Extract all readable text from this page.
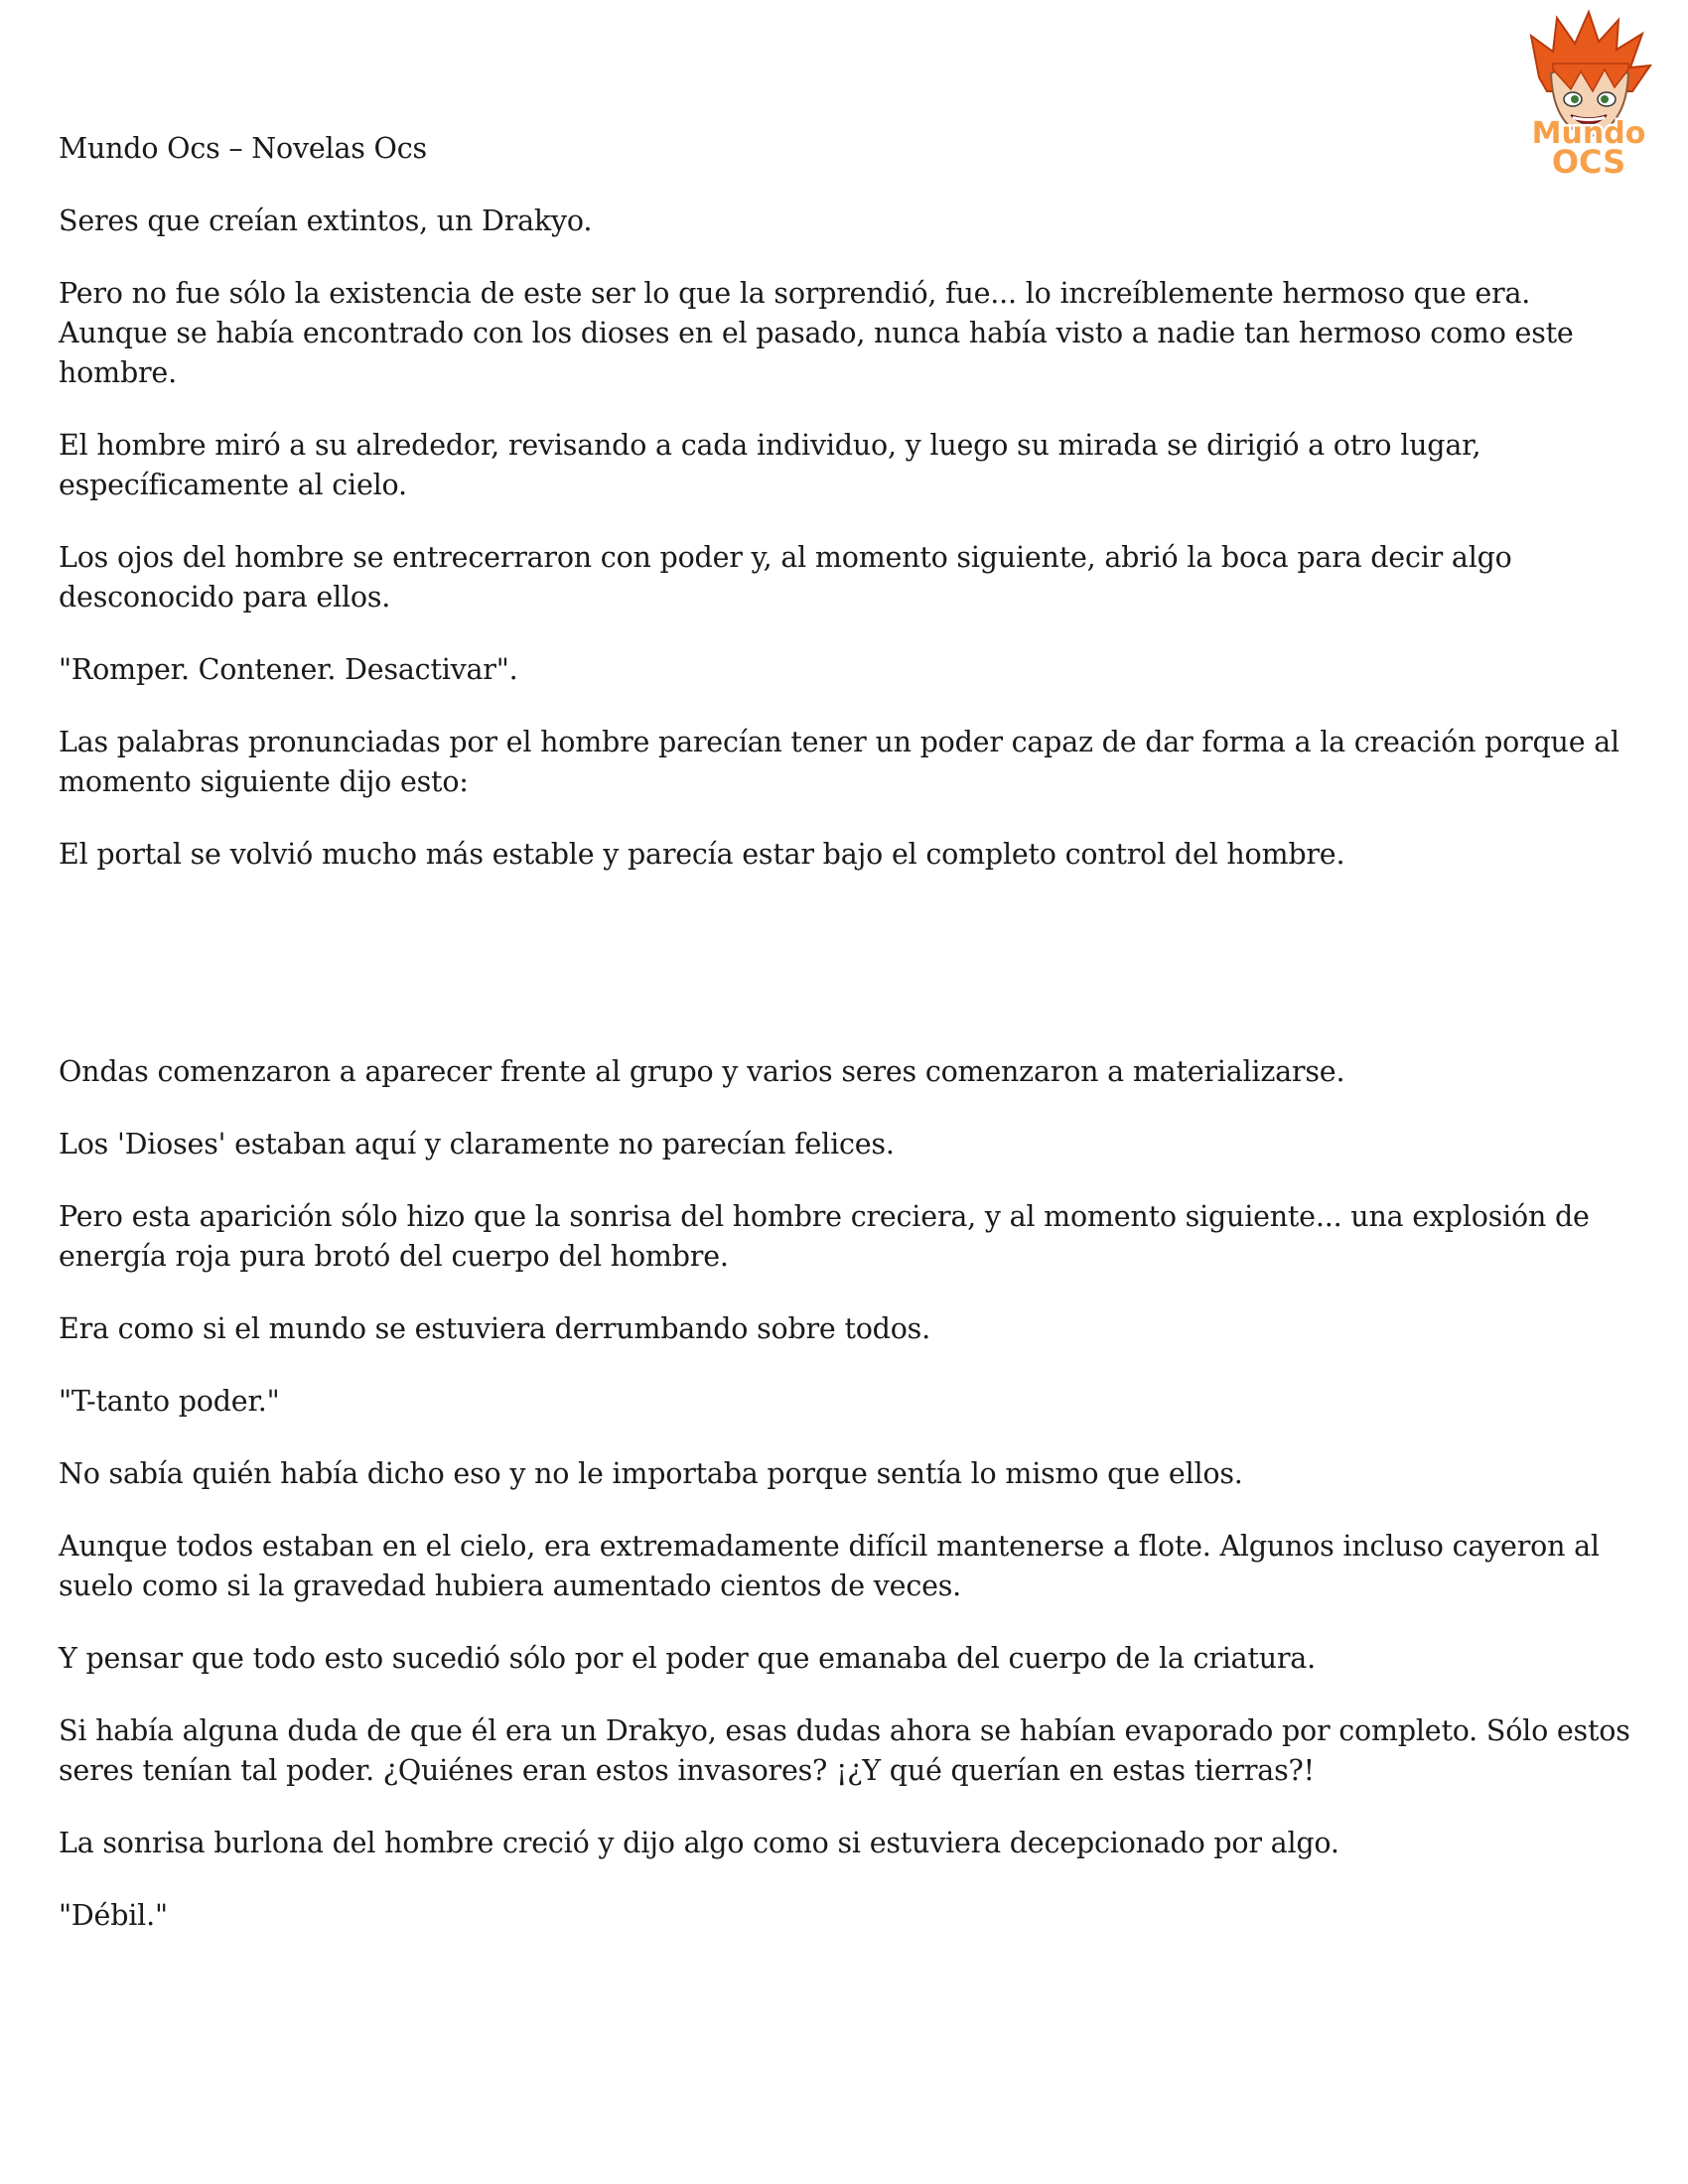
Mundo
OCS

Mundo Ocs – Novelas Ocs

Seres que creían extintos, un Drakyo.

Pero no fue sólo la existencia de este ser lo que la sorprendió, fue... lo increíblemente hermoso que era. Aunque se había encontrado con los dioses en el pasado, nunca había visto a nadie tan hermoso como este hombre.

El hombre miró a su alrededor, revisando a cada individuo, y luego su mirada se dirigió a otro lugar, específicamente al cielo.

Los ojos del hombre se entrecerraron con poder y, al momento siguiente, abrió la boca para decir algo desconocido para ellos.

"Romper. Contener. Desactivar".

Las palabras pronunciadas por el hombre parecían tener un poder capaz de dar forma a la creación porque al momento siguiente dijo esto:

El portal se volvió mucho más estable y parecía estar bajo el completo control del hombre.

Ondas comenzaron a aparecer frente al grupo y varios seres comenzaron a materializarse.

Los 'Dioses' estaban aquí y claramente no parecían felices.

Pero esta aparición sólo hizo que la sonrisa del hombre creciera, y al momento siguiente... una explosión de energía roja pura brotó del cuerpo del hombre.

Era como si el mundo se estuviera derrumbando sobre todos.

"T-tanto poder."

No sabía quién había dicho eso y no le importaba porque sentía lo mismo que ellos.

Aunque todos estaban en el cielo, era extremadamente difícil mantenerse a flote. Algunos incluso cayeron al suelo como si la gravedad hubiera aumentado cientos de veces.

Y pensar que todo esto sucedió sólo por el poder que emanaba del cuerpo de la criatura.

Si había alguna duda de que él era un Drakyo, esas dudas ahora se habían evaporado por completo. Sólo estos seres tenían tal poder. ¿Quiénes eran estos invasores? ¡¿Y qué querían en estas tierras?!

La sonrisa burlona del hombre creció y dijo algo como si estuviera decepcionado por algo.

"Débil."
